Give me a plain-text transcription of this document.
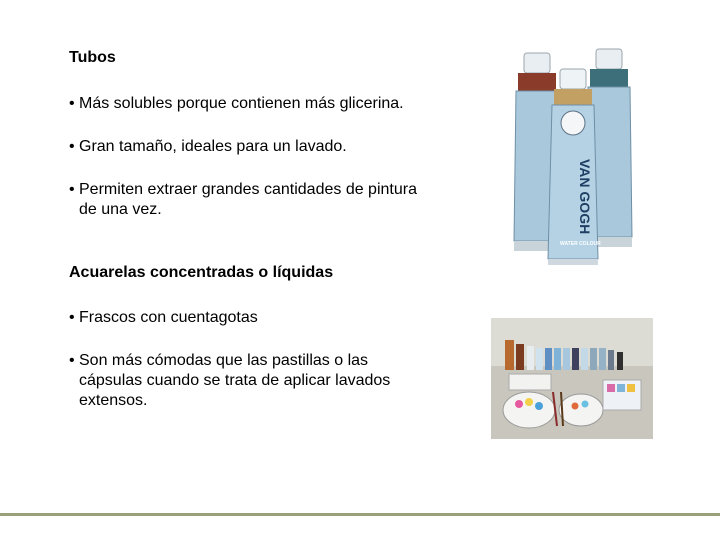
Tubos
• Más solubles porque contienen más glicerina.
• Gran tamaño, ideales para un lavado.
• Permiten extraer grandes cantidades de pintura
de una vez.
Acuarelas concentradas o líquidas
• Frascos con cuentagotas
• Son más cómodas que las pastillas o las
cápsulas cuando se trata de aplicar lavados
extensos.
VAN GOGH
WATER COLOUR
